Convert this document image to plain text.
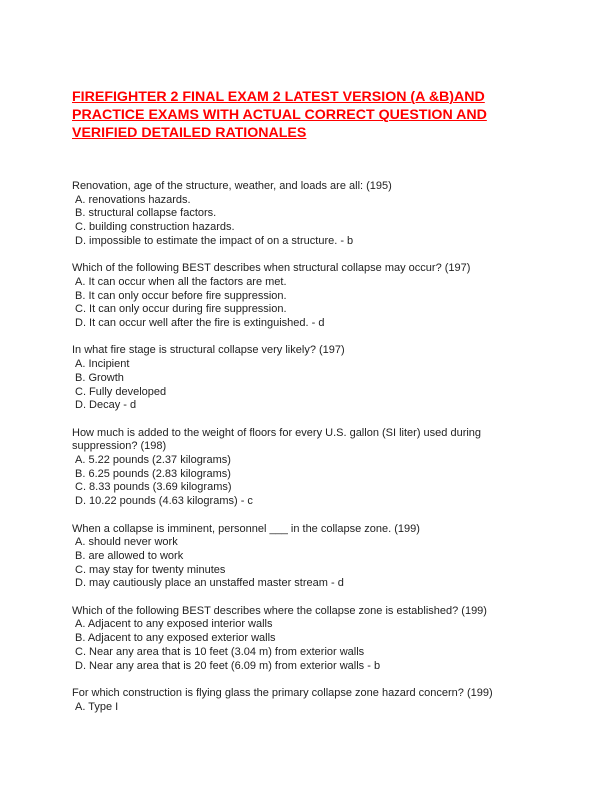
FIREFIGHTER 2 FINAL EXAM 2 LATEST VERSION (A &B)AND
PRACTICE EXAMS WITH ACTUAL CORRECT QUESTION AND
VERIFIED DETAILED RATIONALES
Renovation, age of the structure, weather, and loads are all: (195)
A. renovations hazards.
B. structural collapse factors.
C. building construction hazards.
D. impossible to estimate the impact of on a structure. - b
Which of the following BEST describes when structural collapse may occur? (197)
A. It can occur when all the factors are met.
B. It can only occur before fire suppression.
C. It can only occur during fire suppression.
D. It can occur well after the fire is extinguished. - d
In what fire stage is structural collapse very likely? (197)
A. Incipient
B. Growth
C. Fully developed
D. Decay - d
How much is added to the weight of floors for every U.S. gallon (SI liter) used during
suppression? (198)
A. 5.22 pounds (2.37 kilograms)
B. 6.25 pounds (2.83 kilograms)
C. 8.33 pounds (3.69 kilograms)
D. 10.22 pounds (4.63 kilograms) - c
When a collapse is imminent, personnel ___ in the collapse zone. (199)
A. should never work
B. are allowed to work
C. may stay for twenty minutes
D. may cautiously place an unstaffed master stream - d
Which of the following BEST describes where the collapse zone is established? (199)
A. Adjacent to any exposed interior walls
B. Adjacent to any exposed exterior walls
C. Near any area that is 10 feet (3.04 m) from exterior walls
D. Near any area that is 20 feet (6.09 m) from exterior walls - b
For which construction is flying glass the primary collapse zone hazard concern? (199)
A. Type I
